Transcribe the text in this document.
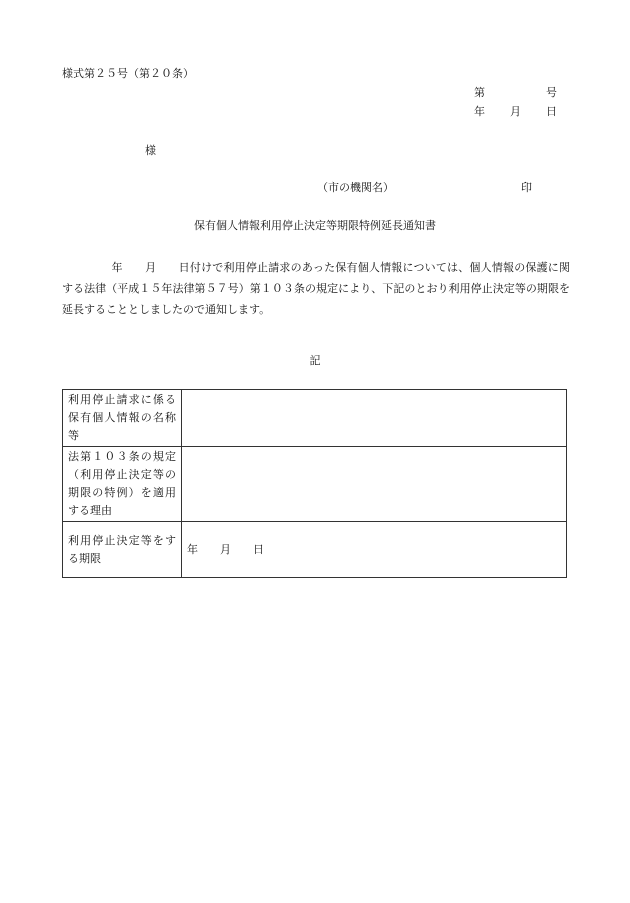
様式第２５号（第２０条）
第	号
年 月 日
様
（市の機関名）	印
保有個人情報利用停止決定等期限特例延長通知書
年　　月　　日付けで利用停止請求のあった保有個人情報については、個人情報の保護に関する法律（平成１５年法律第５７号）第１０３条の規定により、下記のとおり利用停止決定等の期限を延長することとしましたので通知します。
記
利用停止請求に係る保有個人情報の名称等	
法第１０３条の規定（利用停止決定等の期限の特例）を適用する理由	
利用停止決定等をする期限	年　　月　　日
